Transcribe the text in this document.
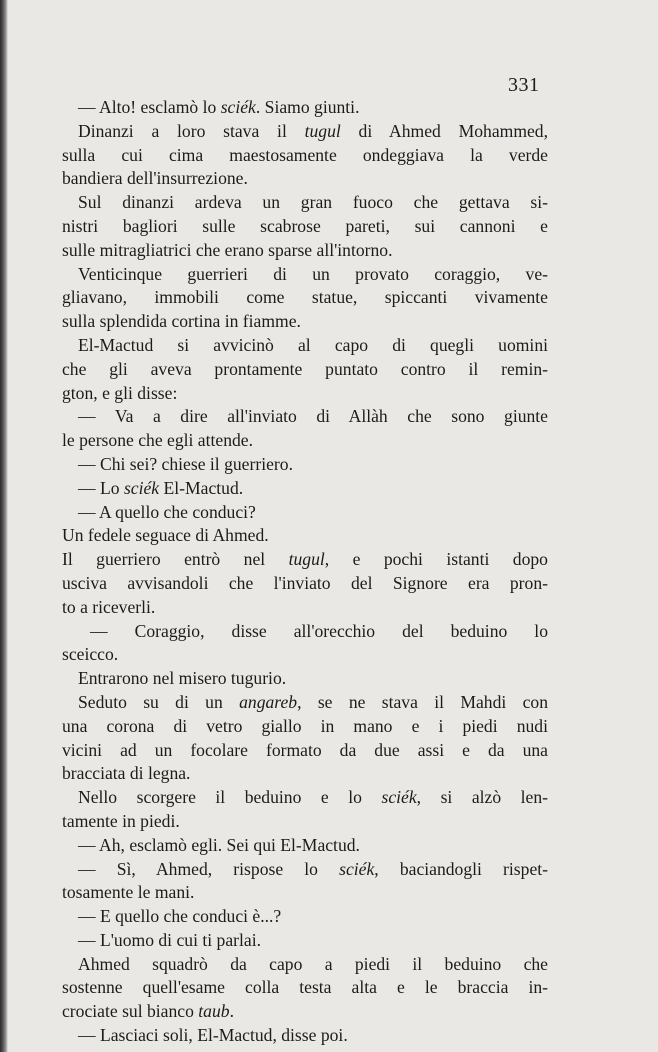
331
— Alto! esclamò lo sciék. Siamo giunti.
Dinanzi a loro stava il tugul di Ahmed Mohammed,
sulla cui cima maestosamente ondeggiava la verde
bandiera dell'insurrezione.
Sul dinanzi ardeva un gran fuoco che gettava si-
nistri bagliori sulle scabrose pareti, sui cannoni e
sulle mitragliatrici che erano sparse all'intorno.
Venticinque guerrieri di un provato coraggio, ve-
gliavano, immobili come statue, spiccanti vivamente
sulla splendida cortina in fiamme.
El-Mactud si avvicinò al capo di quegli uomini
che gli aveva prontamente puntato contro il remin-
gton, e gli disse:
— Va a dire all'inviato di Allàh che sono giunte
le persone che egli attende.
— Chi sei? chiese il guerriero.
— Lo sciék El-Mactud.
— A quello che conduci?
Un fedele seguace di Ahmed.
Il guerriero entrò nel tugul, e pochi istanti dopo
usciva avvisandoli che l'inviato del Signore era pron-
to a riceverli.
— Coraggio, disse all'orecchio del beduino lo
sceicco.
Entrarono nel misero tugurio.
Seduto su di un angareb, se ne stava il Mahdi con
una corona di vetro giallo in mano e i piedi nudi
vicini ad un focolare formato da due assi e da una
bracciata di legna.
Nello scorgere il beduino e lo sciék, si alzò len-
tamente in piedi.
— Ah, esclamò egli. Sei qui El-Mactud.
— Sì, Ahmed, rispose lo sciék, baciandogli rispet-
tosamente le mani.
— E quello che conduci è...?
— L'uomo di cui ti parlai.
Ahmed squadrò da capo a piedi il beduino che
sostenne quell'esame colla testa alta e le braccia in-
crociate sul bianco taub.
— Lasciaci soli, El-Mactud, disse poi.
